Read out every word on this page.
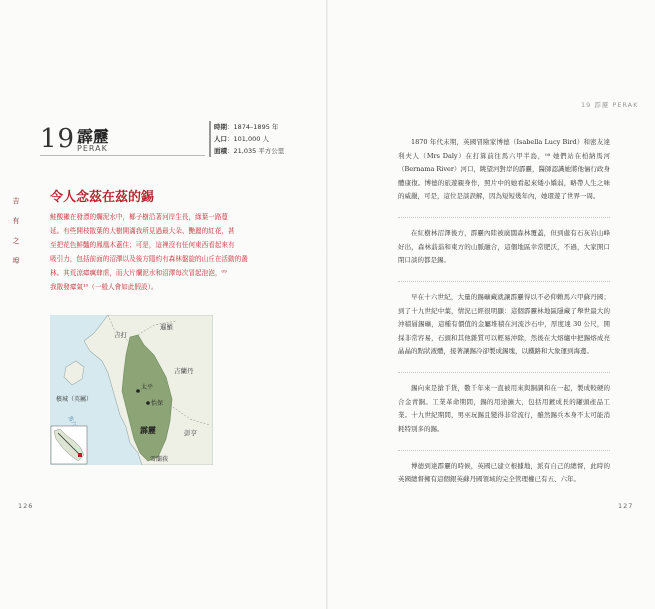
吉
有
之
埠
19 霹靂
PERAK
時期：1874–1895 年
人口：101,000 人
面積：21,035 平方公里
令人念茲在茲的錫

鮭酸獺在發漂的爛泥水中，椰子樹沿著河岸生長，綠葉一路蔓

延。有些開枝散葉的大樹開滿我所見過最大朵、艷麗的紅花，甚

至把花色鮮豔的鳳凰木蓋住；可是，這裡沒有任何東西看起來有

吸引力，包括前面的沼澤以及後方隱約有森林盤旋的山丘在活動的叢

林。其荒涼瘴癘肆虐，而大片爛泥水和沼澤每次冒起泡泡，⁰⁹

我散發瘴氣¹⁰（一般人會如此假設）。

吉打
暹羅
吉蘭丹
檳城（英屬）
太平
怡保
霹靂	彭亨
雪蘭莪
126	127
19 霹靂 PERAK

1870 年代末期，英國冒險家博德（Isabella Lucy Bird）和密友達利夫人（Mrs Daly）在打算前往馬六甲半島，⁰⁸ 她們站在柏納馬河（Bernama River）河口，眺望河對岸的霹靂，醫師認識她將他倆行政身體康復。博德的旅遊親身作，照片中的她看起來矮小嬌弱，略帶人生之味的威嚴，可是，這位是談誤解，因為短短幾年內，她環遊了世界一周。

在紅樹林沼澤後方，霹靂內陸被廣闊森林覆蓋，但到處有石灰岩山峰好出，森林蓊蓊和東方的山脈融合，這個地區幸常肥沃，不過，大家開口閉口談的都是錫。

早在十六世紀，大量的錫礦藏就讓霹靂得以不必仰賴馬六甲蘇丹國；到了十九世紀中葉，情況已經很明顯：這個霹靂林地區隱藏了舉世最大的沖積層錫礦，這種有價值的金屬堆積在河流沙石中，厚度達 30 公尺，開採非常容易，石頭和其他雜質可以輕易沖除，然後在大熔爐中把錫熔成亮晶晶的點狀液體，接著讓錫冷卻製成錫塊，以鐵路和大象運到海邊。

錫向來是搶手貨，數千年來一直被用來與銅調和在一起，製成較硬的合金青銅。工業革命期間，錫的用途擴大，包括用鍍成長的罐頭產品工業。十九世紀期間，男巫玩錫且變得非常流行，雖然錫兵本身不太可能消耗特別多的錫。

博德到達霹靂的時候，英國已建立根據地，派有自己的總督，此時的英國總督擁有這個銀英蘇丹國領域的完全管理權已有五、六年。
